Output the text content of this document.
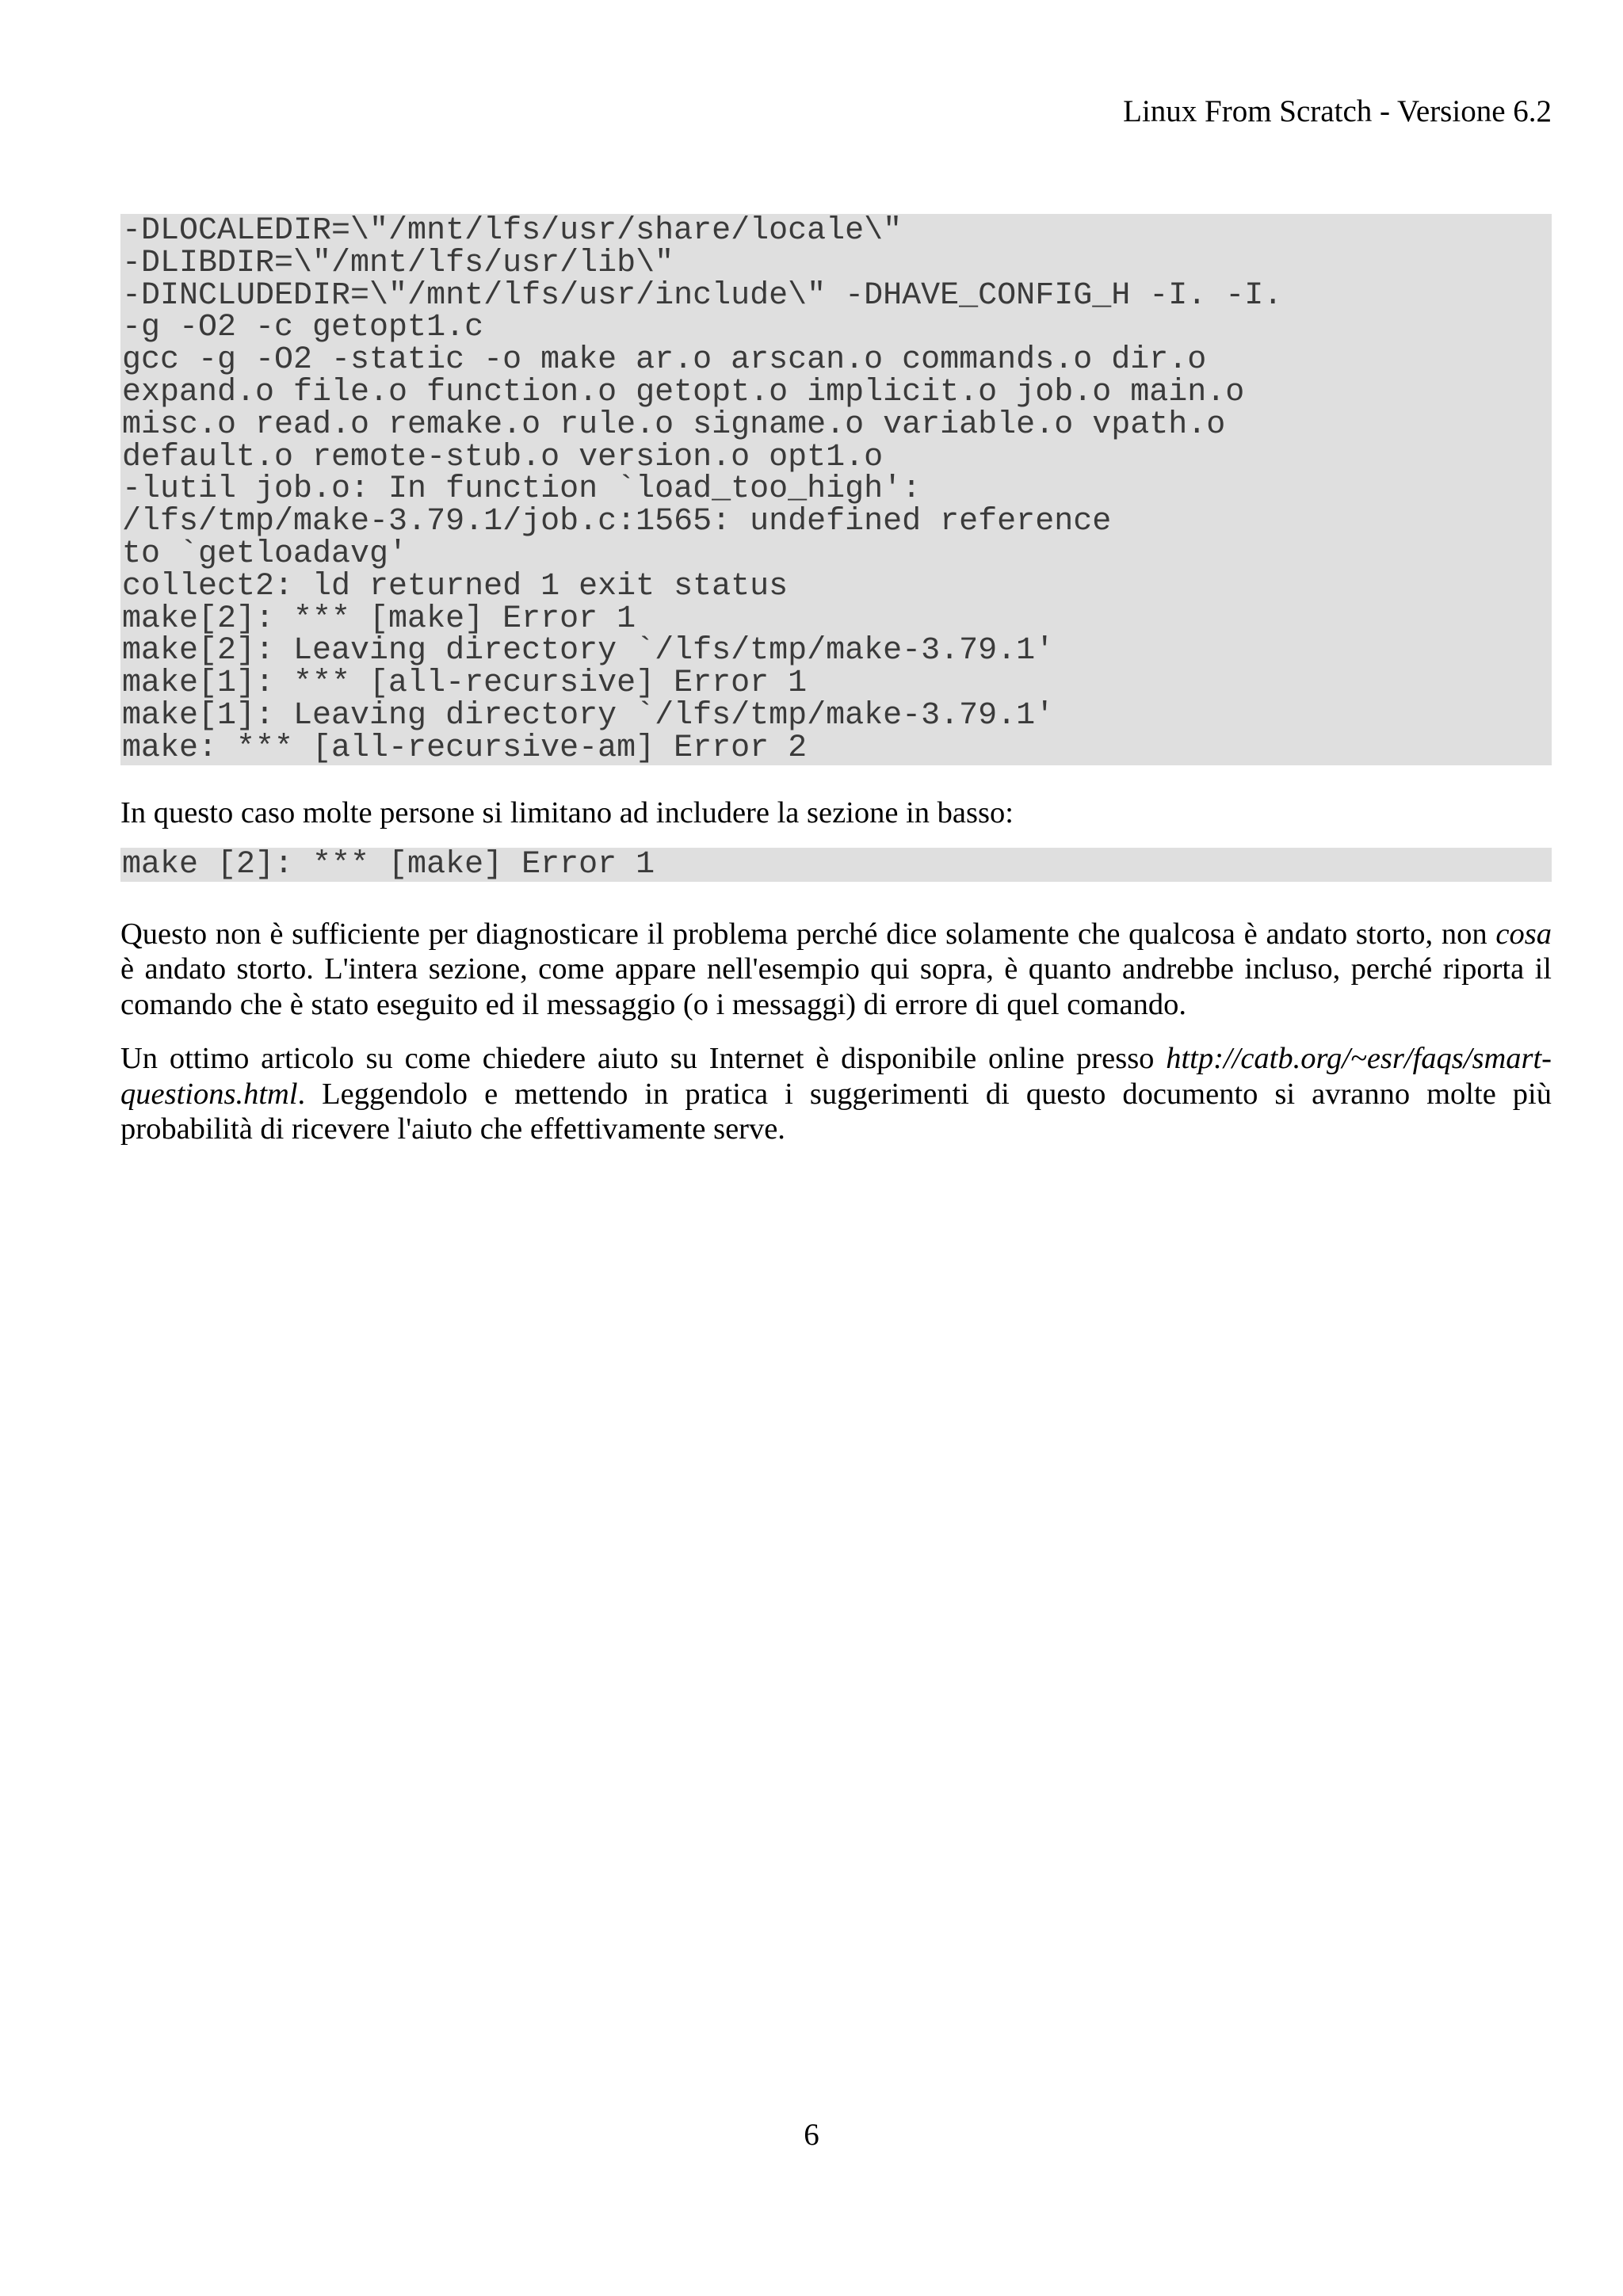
Linux From Scratch - Versione 6.2
-DLOCALEDIR=\"/mnt/lfs/usr/share/locale\"
-DLIBDIR=\"/mnt/lfs/usr/lib\"
-DINCLUDEDIR=\"/mnt/lfs/usr/include\" -DHAVE_CONFIG_H -I. -I.
-g -O2 -c getopt1.c
gcc -g -O2 -static -o make ar.o arscan.o commands.o dir.o
expand.o file.o function.o getopt.o implicit.o job.o main.o
misc.o read.o remake.o rule.o signame.o variable.o vpath.o
default.o remote-stub.o version.o opt1.o
-lutil job.o: In function `load_too_high':
/lfs/tmp/make-3.79.1/job.c:1565: undefined reference
to `getloadavg'
collect2: ld returned 1 exit status
make[2]: *** [make] Error 1
make[2]: Leaving directory `/lfs/tmp/make-3.79.1'
make[1]: *** [all-recursive] Error 1
make[1]: Leaving directory `/lfs/tmp/make-3.79.1'
make: *** [all-recursive-am] Error 2

In questo caso molte persone si limitano ad includere la sezione in basso:

make [2]: *** [make] Error 1

Questo non è sufficiente per diagnosticare il problema perché dice solamente che qualcosa è andato storto, non cosa è andato storto. L'intera sezione, come appare nell'esempio qui sopra, è quanto andrebbe incluso, perché riporta il comando che è stato eseguito ed il messaggio (o i messaggi) di errore di quel comando.

Un ottimo articolo su come chiedere aiuto su Internet è disponibile online presso http://catb.org/~esr/faqs/smart-questions.html. Leggendolo e mettendo in pratica i suggerimenti di questo documento si avranno molte più probabilità di ricevere l'aiuto che effettivamente serve.

6
